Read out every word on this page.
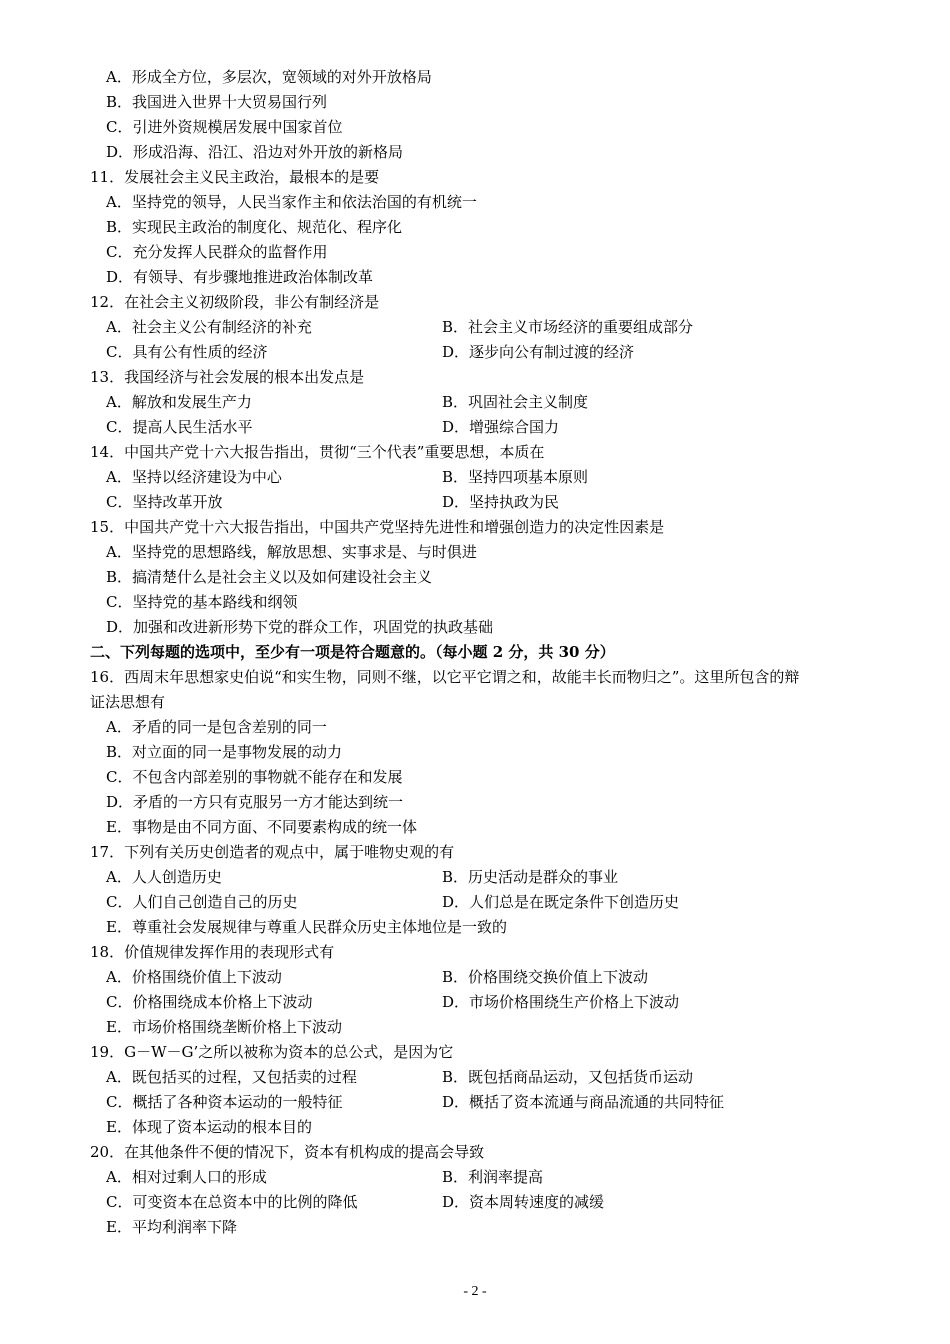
A．形成全方位，多层次，宽领域的对外开放格局
B．我国进入世界十大贸易国行列
C．引进外资规模居发展中国家首位
D．形成沿海、沿江、沿边对外开放的新格局
11．发展社会主义民主政治，最根本的是要
A．坚持党的领导，人民当家作主和依法治国的有机统一
B．实现民主政治的制度化、规范化、程序化
C．充分发挥人民群众的监督作用
D．有领导、有步骤地推进政治体制改革
12．在社会主义初级阶段，非公有制经济是
A．社会主义公有制经济的补充	B．社会主义市场经济的重要组成部分
C．具有公有性质的经济	D．逐步向公有制过渡的经济
13．我国经济与社会发展的根本出发点是
A．解放和发展生产力	B．巩固社会主义制度
C．提高人民生活水平	D．增强综合国力
14．中国共产党十六大报告指出，贯彻“三个代表”重要思想，本质在
A．坚持以经济建设为中心	B．坚持四项基本原则
C．坚持改革开放	D．坚持执政为民
15．中国共产党十六大报告指出，中国共产党坚持先进性和增强创造力的决定性因素是
A．坚持党的思想路线，解放思想、实事求是、与时俱进
B．搞清楚什么是社会主义以及如何建设社会主义
C．坚持党的基本路线和纲领
D．加强和改进新形势下党的群众工作，巩固党的执政基础
二、下列每题的选项中，至少有一项是符合题意的。（每小题 2 分，共 30 分）
16．西周末年思想家史伯说“和实生物，同则不继，以它平它谓之和，故能丰长而物归之”。这里所包含的辩
证法思想有
A．矛盾的同一是包含差别的同一
B．对立面的同一是事物发展的动力
C．不包含内部差别的事物就不能存在和发展
D．矛盾的一方只有克服另一方才能达到统一
E．事物是由不同方面、不同要素构成的统一体
17．下列有关历史创造者的观点中，属于唯物史观的有
A．人人创造历史	B．历史活动是群众的事业
C．人们自己创造自己的历史	D．人们总是在既定条件下创造历史
E．尊重社会发展规律与尊重人民群众历史主体地位是一致的
18．价值规律发挥作用的表现形式有
A．价格围绕价值上下波动	B．价格围绕交换价值上下波动
C．价格围绕成本价格上下波动	D．市场价格围绕生产价格上下波动
E．市场价格围绕垄断价格上下波动
19．G－W－G’之所以被称为资本的总公式，是因为它
A．既包括买的过程，又包括卖的过程	B．既包括商品运动，又包括货币运动
C．概括了各种资本运动的一般特征	D．概括了资本流通与商品流通的共同特征
E．体现了资本运动的根本目的
20．在其他条件不便的情况下，资本有机构成的提高会导致
A．相对过剩人口的形成	B．利润率提高
C．可变资本在总资本中的比例的降低	D．资本周转速度的减缓
E．平均利润率下降
- 2 -
